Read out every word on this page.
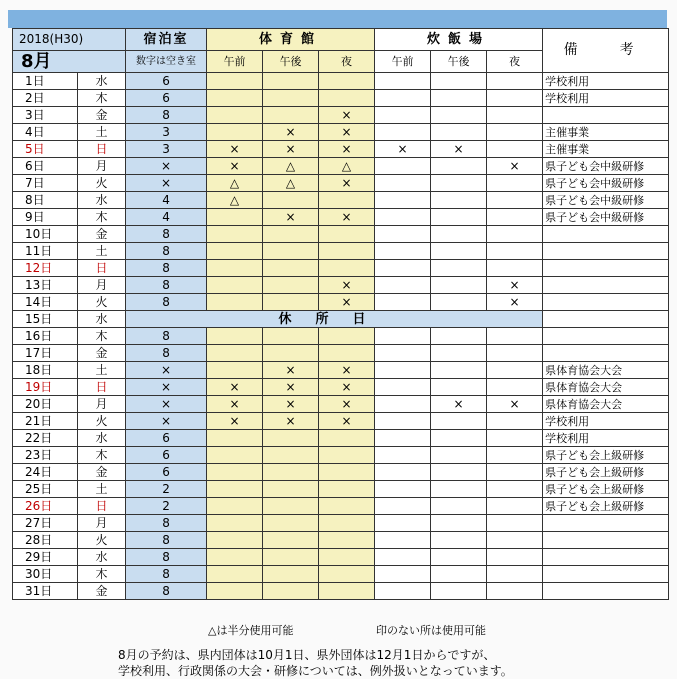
2018(H30)		宿泊室	体育館			炊飯場			備　考
8月		数字は空き室	午前	午後	夜	午前	午後	夜	
1日	水	6							学校利用
2日	木	6							学校利用
3日	金	8			×				
4日	土	3		×	×				主催事業
5日	日	3	×	×	×	×	×		主催事業
6日	月	×	×	△	△			×	県子ども会中級研修
7日	火	×	△	△	×				県子ども会中級研修
8日	水	4	△						県子ども会中級研修
9日	木	4		×	×				県子ども会中級研修
10日	金	8							
11日	土	8							
12日	日	8							
13日	月	8			×			×	
14日	火	8			×			×	
15日	水	休所日							
16日	木	8							
17日	金	8							
18日	土	×		×	×				県体育協会大会
19日	日	×	×	×	×				県体育協会大会
20日	月	×	×	×	×		×	×	県体育協会大会
21日	火	×	×	×	×				学校利用
22日	水	6							学校利用
23日	木	6							県子ども会上級研修
24日	金	6							県子ども会上級研修
25日	土	2							県子ども会上級研修
26日	日	2							県子ども会上級研修
27日	月	8							
28日	火	8							
29日	水	8							
30日	木	8							
31日	金	8							
△は半分使用可能	印のない所は使用可能
8月の予約は、県内団体は10月1日、県外団体は12月1日からですが、
学校利用、行政関係の大会・研修については、例外扱いとなっています。
